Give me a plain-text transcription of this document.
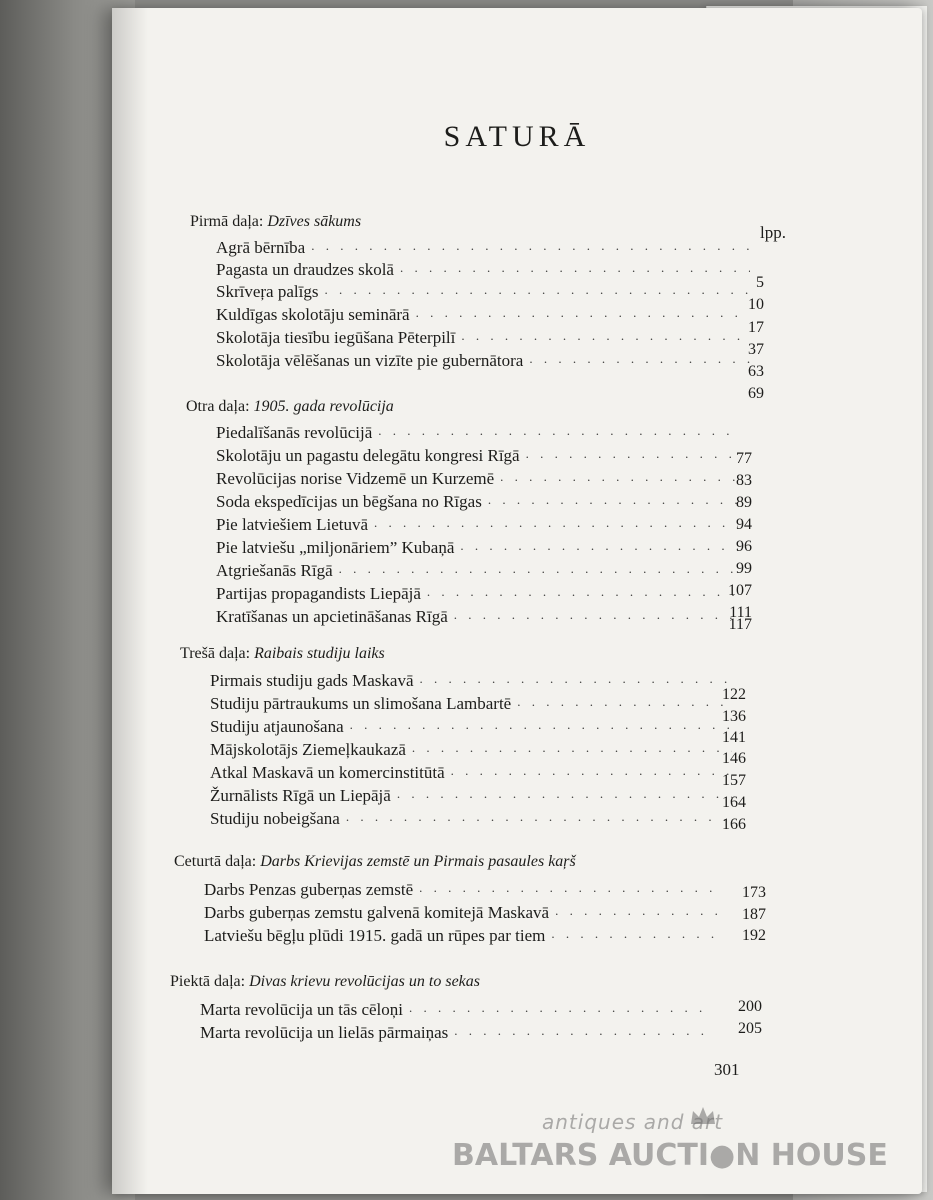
SATURĀ
lpp.
Pirmā daļa: Dzīves sākums
Agrā bērnība
. . .
Pagasta un draudzes skolā
. . .
Skrīveŗa palīgs
. . .
Kuldīgas skolotāju seminārā
. . .
Skolotāja tiesību iegūšana Pēterpilī
. . .
Skolotāja vēlēšanas un vizīte pie gubernātora
. . .
5
10
17
37
63
69
Otra daļa: 1905. gada revolūcija
Piedalīšanās revolūcijā
. . .
Skolotāju un pagastu delegātu kongresi Rīgā
. . .
Revolūcijas norise Vidzemē un Kurzemē
. . .
Soda ekspedīcijas un bēgšana no Rīgas
. . .
Pie latviešiem Lietuvā
. . .
Pie latviešu „miljonāriem” Kubaņā
. . .
Atgriešanās Rīgā
. . .
Partijas propagandists Liepājā
. . .
Kratīšanas un apcietināšanas Rīgā
. . .
77
83
89
94
96
99
107
111
117
Trešā daļa: Raibais studiju laiks
Pirmais studiju gads Maskavā
. . .
Studiju pārtraukums un slimošana Lambartē
. . .
Studiju atjaunošana
. . .
Mājskolotājs Ziemeļkaukazā
. . .
Atkal Maskavā un komercinstitūtā
. . .
Žurnālists Rīgā un Liepājā
. . .
Studiju nobeigšana
. . .
122
136
141
146
157
164
166
Ceturtā daļa: Darbs Krievijas zemstē un Pirmais pasaules kaŗš
Darbs Penzas guberņas zemstē
. . .
Darbs guberņas zemstu galvenā komitejā Maskavā
. . .
Latviešu bēgļu plūdi 1915. gadā un rūpes par tiem
. . .
173
187
192
Piektā daļa: Divas krievu revolūcijas un to sekas
Marta revolūcija un tās cēloņi
. . .
Marta revolūcija un lielās pārmaiņas
. . .
200
205
301
antiques and art
BALTARS AUCTI●N HOUSE
